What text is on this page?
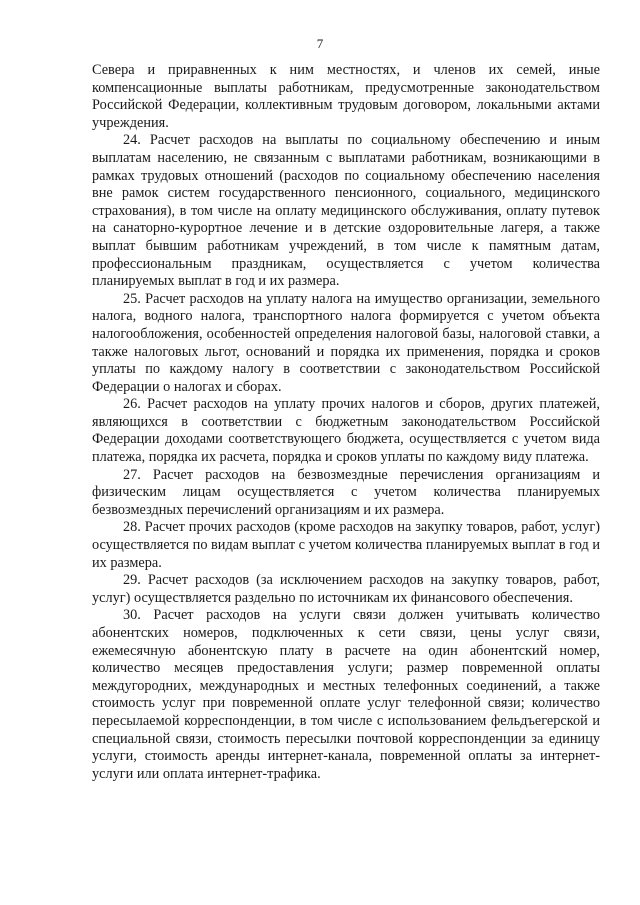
7

Севера и приравненных к ним местностях, и членов их семей, иные компенсационные выплаты работникам, предусмотренные законодательством Российской Федерации, коллективным трудовым договором, локальными актами учреждения.

24. Расчет расходов на выплаты по социальному обеспечению и иным выплатам населению, не связанным с выплатами работникам, возникающими в рамках трудовых отношений (расходов по социальному обеспечению населения вне рамок систем государственного пенсионного, социального, медицинского страхования), в том числе на оплату медицинского обслуживания, оплату путевок на санаторно-курортное лечение и в детские оздоровительные лагеря, а также выплат бывшим работникам учреждений, в том числе к памятным датам, профессиональным праздникам, осуществляется с учетом количества планируемых выплат в год и их размера.

25. Расчет расходов на уплату налога на имущество организации, земельного налога, водного налога, транспортного налога формируется с учетом объекта налогообложения, особенностей определения налоговой базы, налоговой ставки, а также налоговых льгот, оснований и порядка их применения, порядка и сроков уплаты по каждому налогу в соответствии с законодательством Российской Федерации о налогах и сборах.

26. Расчет расходов на уплату прочих налогов и сборов, других платежей, являющихся в соответствии с бюджетным законодательством Российской Федерации доходами соответствующего бюджета, осуществляется с учетом вида платежа, порядка их расчета, порядка и сроков уплаты по каждому виду платежа.

27. Расчет расходов на безвозмездные перечисления организациям и физическим лицам осуществляется с учетом количества планируемых безвозмездных перечислений организациям и их размера.

28. Расчет прочих расходов (кроме расходов на закупку товаров, работ, услуг) осуществляется по видам выплат с учетом количества планируемых выплат в год и их размера.

29. Расчет расходов (за исключением расходов на закупку товаров, работ, услуг) осуществляется раздельно по источникам их финансового обеспечения.

30. Расчет расходов на услуги связи должен учитывать количество абонентских номеров, подключенных к сети связи, цены услуг связи, ежемесячную абонентскую плату в расчете на один абонентский номер, количество месяцев предоставления услуги; размер повременной оплаты междугородних, международных и местных телефонных соединений, а также стоимость услуг при повременной оплате услуг телефонной связи; количество пересылаемой корреспонденции, в том числе с использованием фельдъегерской и специальной связи, стоимость пересылки почтовой корреспонденции за единицу услуги, стоимость аренды интернет-канала, повременной оплаты за интернет-услуги или оплата интернет-трафика.
